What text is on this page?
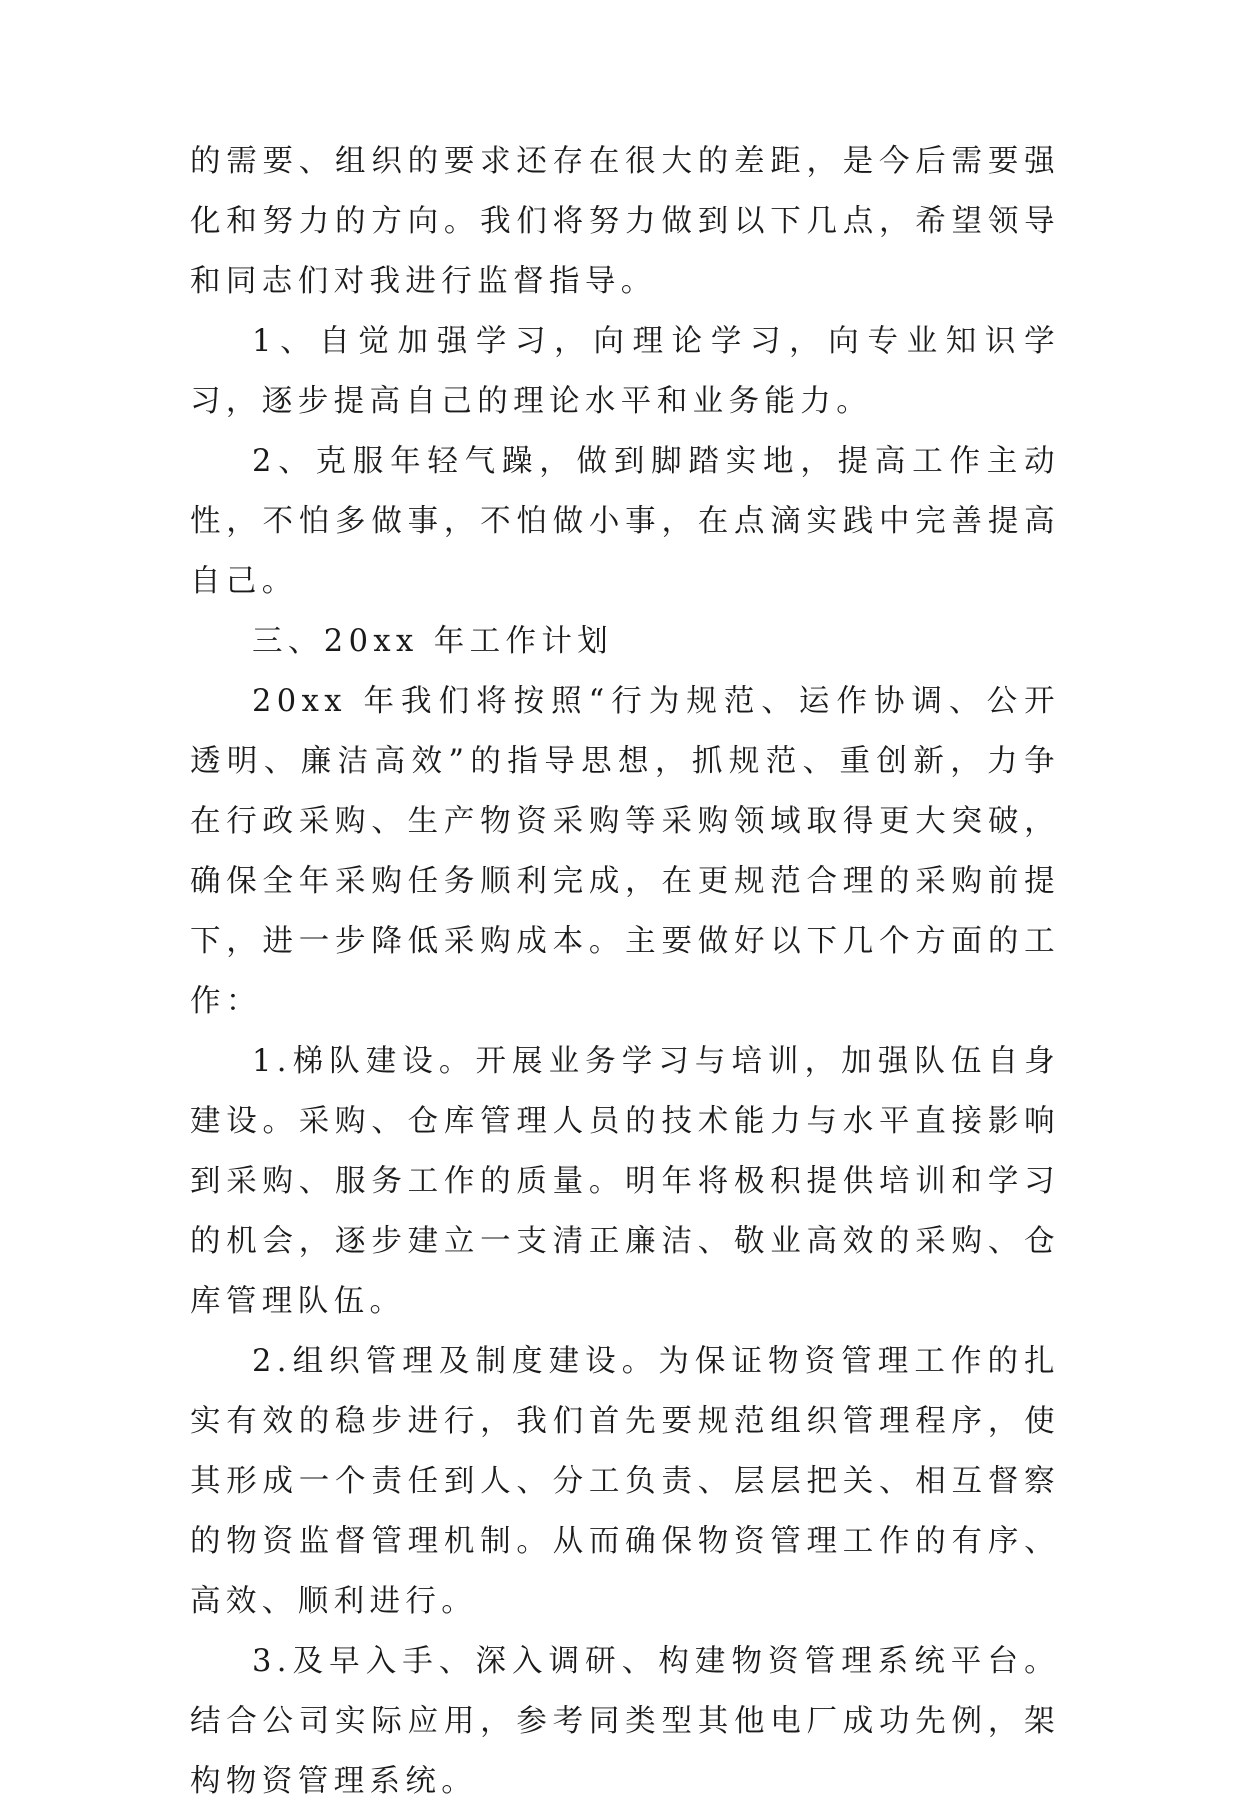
的需要、组织的要求还存在很大的差距，是今后需要强化和努力的方向。我们将努力做到以下几点，希望领导和同志们对我进行监督指导。

1、自觉加强学习，向理论学习，向专业知识学习，逐步提高自己的理论水平和业务能力。

2、克服年轻气躁，做到脚踏实地，提高工作主动性，不怕多做事，不怕做小事，在点滴实践中完善提高自己。

三、20xx 年工作计划

20xx 年我们将按照“行为规范、运作协调、公开透明、廉洁高效”的指导思想，抓规范、重创新，力争在行政采购、生产物资采购等采购领域取得更大突破，确保全年采购任务顺利完成，在更规范合理的采购前提下，进一步降低采购成本。主要做好以下几个方面的工作：

1.梯队建设。开展业务学习与培训，加强队伍自身建设。采购、仓库管理人员的技术能力与水平直接影响到采购、服务工作的质量。明年将极积提供培训和学习的机会，逐步建立一支清正廉洁、敬业高效的采购、仓库管理队伍。

2.组织管理及制度建设。为保证物资管理工作的扎实有效的稳步进行，我们首先要规范组织管理程序，使其形成一个责任到人、分工负责、层层把关、相互督察的物资监督管理机制。从而确保物资管理工作的有序、高效、顺利进行。

3.及早入手、深入调研、构建物资管理系统平台。结合公司实际应用，参考同类型其他电厂成功先例，架构物资管理系统。
